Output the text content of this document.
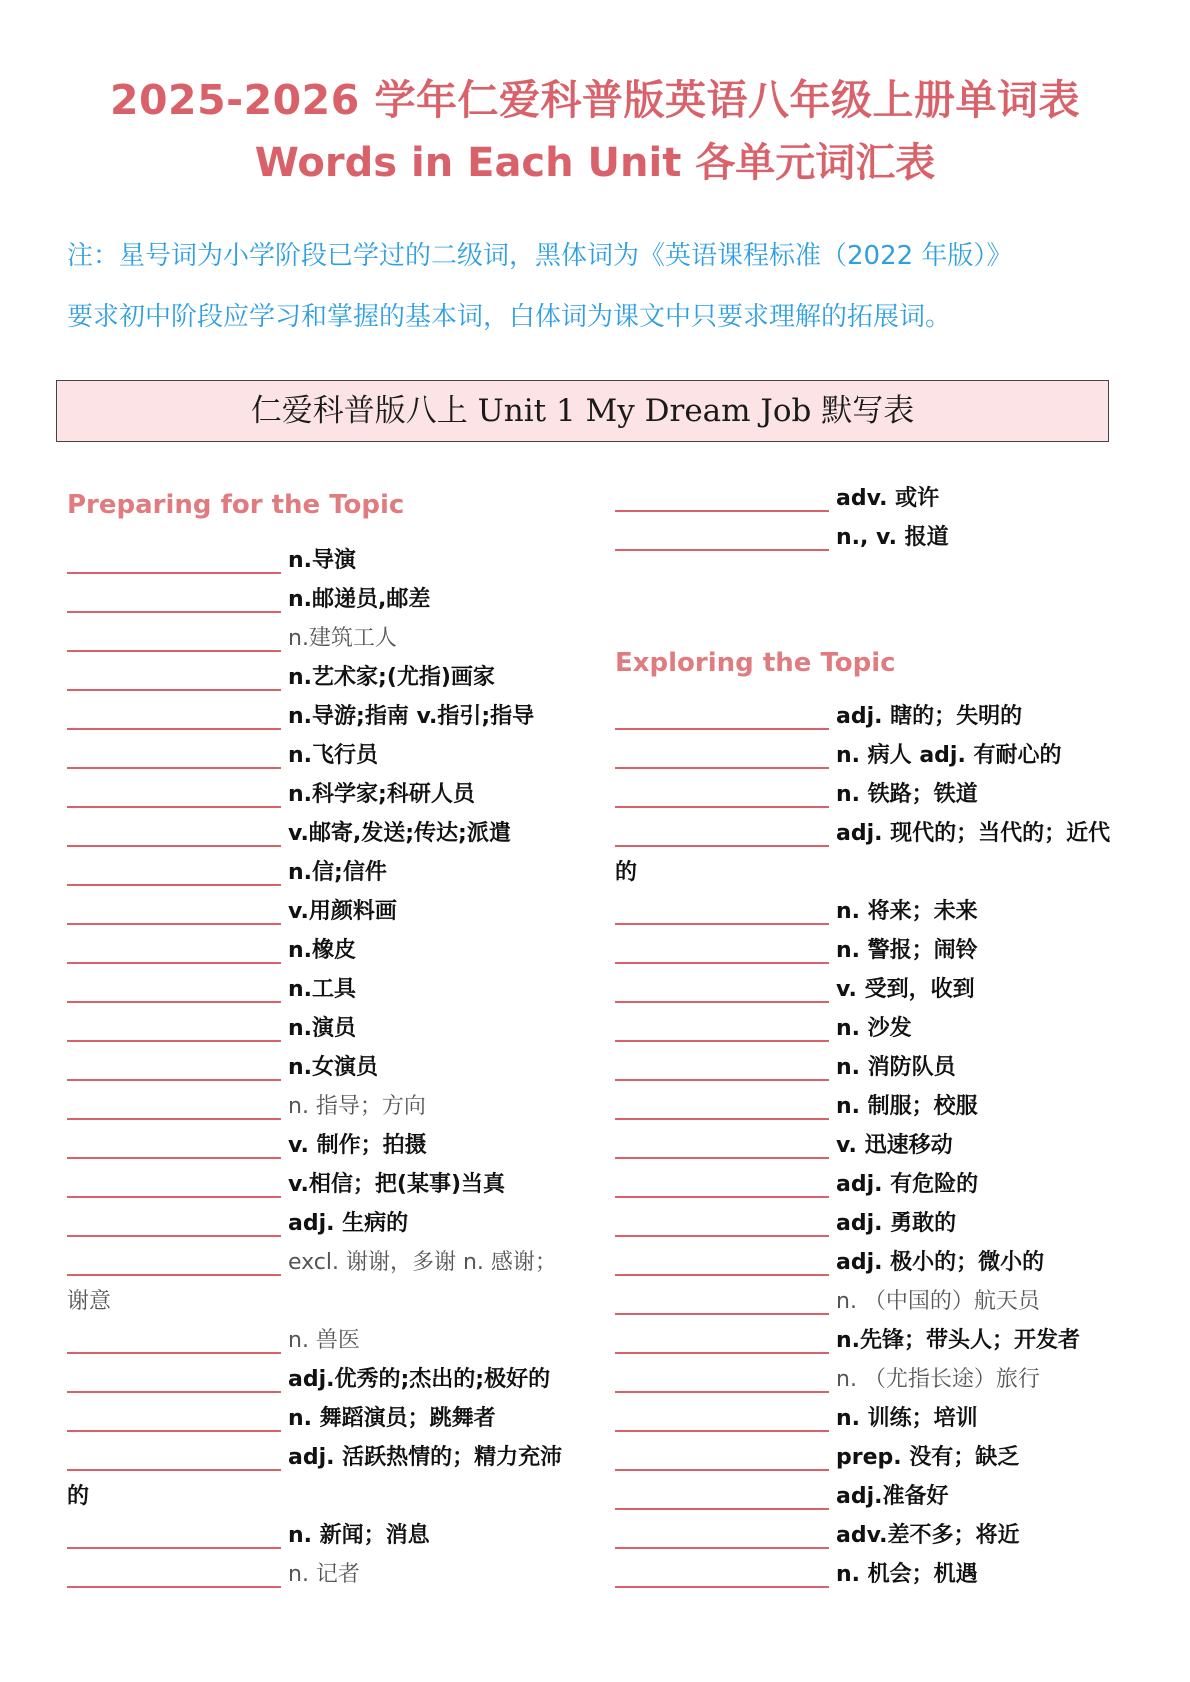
2025-2026 学年仁爱科普版英语八年级上册单词表
Words in Each Unit 各单元词汇表
注：星号词为小学阶段已学过的二级词，黑体词为《英语课程标准（2022 年版）》
要求初中阶段应学习和掌握的基本词，白体词为课文中只要求理解的拓展词。
仁爱科普版八上 Unit 1 My Dream Job 默写表
Preparing for the Topic
n.导演
n.邮递员,邮差
n.建筑工人
n.艺术家;(尤指)画家
n.导游;指南 v.指引;指导
n.飞行员
n.科学家;科研人员
v.邮寄,发送;传达;派遣
n.信;信件
v.用颜料画
n.橡皮
n.工具
n.演员
n.女演员
n. 指导；方向
v. 制作；拍摄
v.相信；把(某事)当真
adj. 生病的
excl. 谢谢，多谢 n. 感谢；
谢意
n. 兽医
adj.优秀的;杰出的;极好的
n. 舞蹈演员；跳舞者
adj. 活跃热情的；精力充沛
的
n. 新闻；消息
n. 记者
Exploring the Topic
adv. 或许
n., v. 报道
adj. 瞎的；失明的
n. 病人 adj. 有耐心的
n. 铁路；铁道
adj. 现代的；当代的；近代
的
n. 将来；未来
n. 警报；闹铃
v. 受到，收到
n. 沙发
n. 消防队员
n. 制服；校服
v. 迅速移动
adj. 有危险的
adj. 勇敢的
adj. 极小的；微小的
n. （中国的）航天员
n.先锋；带头人；开发者
n. （尤指长途）旅行
n. 训练；培训
prep. 没有；缺乏
adj.准备好
adv.差不多；将近
n. 机会；机遇
